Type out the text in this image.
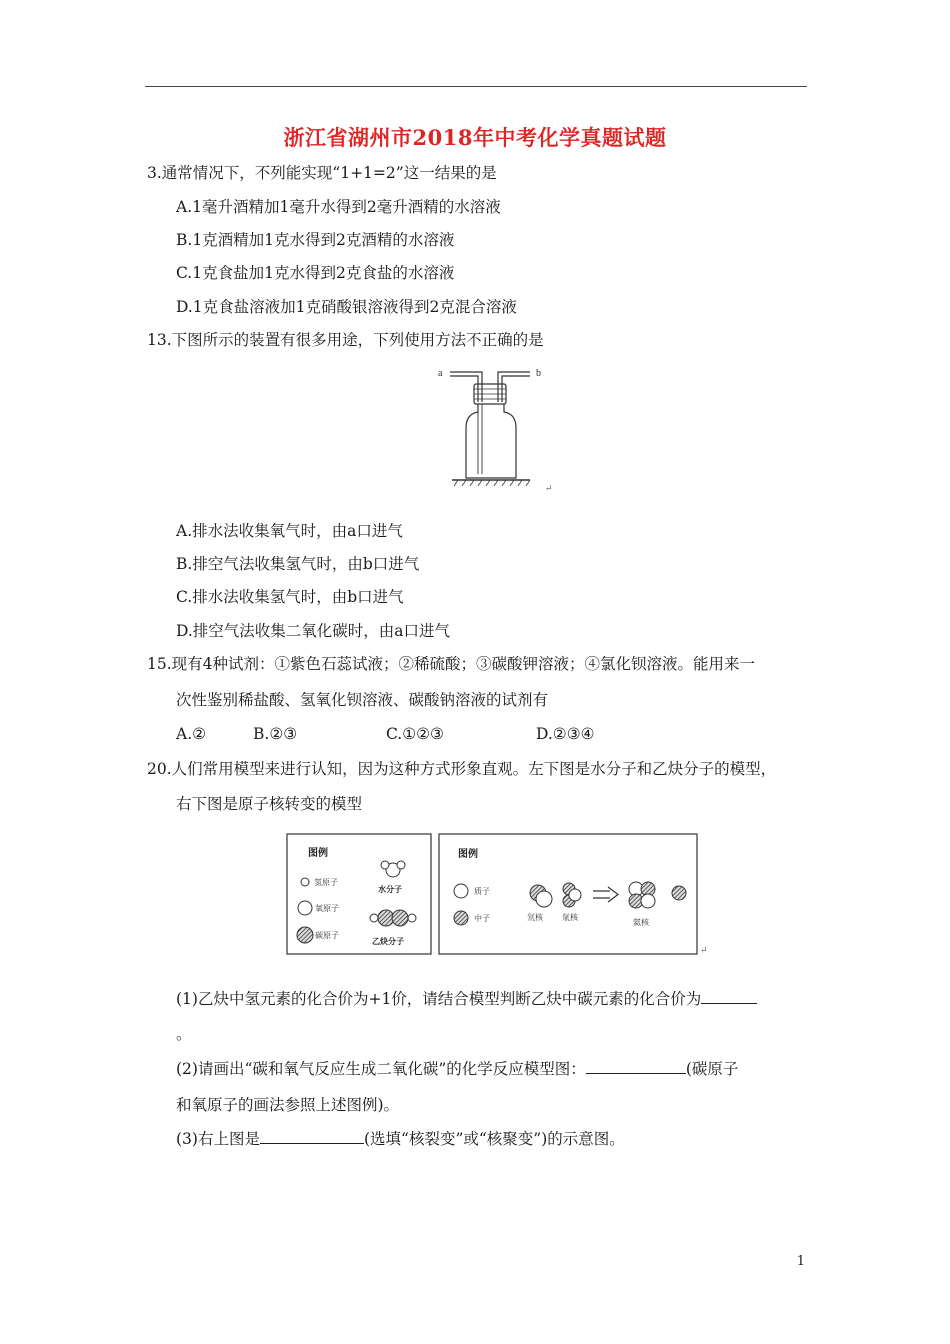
浙江省湖州市2018年中考化学真题试题
3.通常情况下，不列能实现“1+1=2”这一结果的是
A.1毫升酒精加1毫升水得到2毫升酒精的水溶液
B.1克酒精加1克水得到2克酒精的水溶液
C.1克食盐加1克水得到2克食盐的水溶液
D.1克食盐溶液加1克硝酸银溶液得到2克混合溶液
13.下图所示的装置有很多用途，下列使用方法不正确的是
a	b
↵
A.排水法收集氧气时，由a口进气
B.排空气法收集氢气时，由b口进气
C.排水法收集氢气时，由b口进气
D.排空气法收集二氧化碳时，由a口进气
15.现有4种试剂：①紫色石蕊试液；②稀硫酸；③碳酸钾溶液；④氯化钡溶液。能用来一
次性鉴别稀盐酸、氢氧化钡溶液、碳酸钠溶液的试剂有
A.②	B.②③	C.①②③	D.②③④
20.人们常用模型来进行认知，因为这种方式形象直观。左下图是水分子和乙炔分子的模型，
右下图是原子核转变的模型
图例
氢原子
氧原子
碳原子
水分子
乙炔分子
图例
质子
中子	氘核 氚核
氦核
↵
(1)乙炔中氢元素的化合价为+1价，请结合模型判断乙炔中碳元素的化合价为
。
(2)请画出“碳和氧气反应生成二氧化碳”的化学反应模型图：	(碳原子
和氧原子的画法参照上述图例)。
(3)右上图是	(选填“核裂变”或“核聚变”)的示意图。
1
